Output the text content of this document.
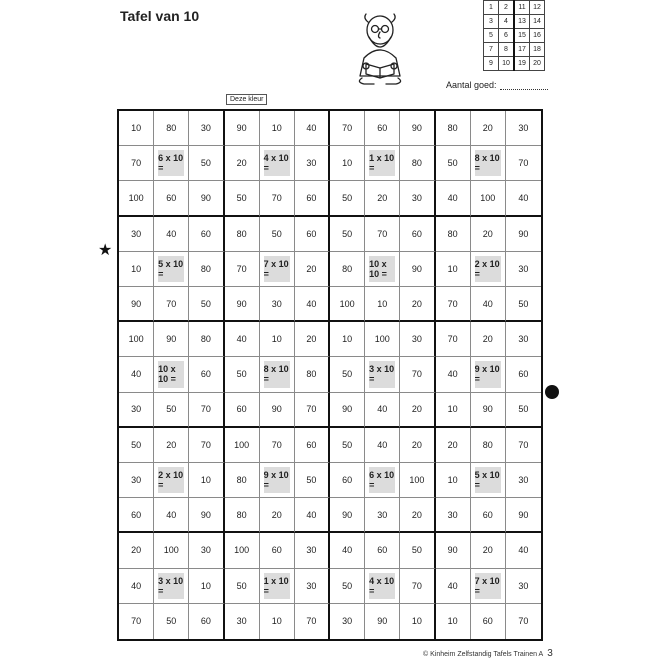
Tafel van 10
1	2	11	12
3	4	13	14
5	6	15	16
7	8	17	18
9	10	19	20
Aantal goed:
Deze kleur
10	80	30	90	10	40	70	60	90	80	20	30
70	6 x 10 =	50	20	4 x 10 =	30	10	1 x 10 =	80	50	8 x 10 =	70
100	60	90	50	70	60	50	20	30	40	100	40
30	40	60	80	50	60	50	70	60	80	20	90
10	5 x 10 =	80	70	7 x 10 =	20	80	10 x 10 =	90	10	2 x 10 =	30
90	70	50	90	30	40	100	10	20	70	40	50
100	90	80	40	10	20	10	100	30	70	20	30
40	10 x 10 =	60	50	8 x 10 =	80	50	3 x 10 =	70	40	9 x 10 =	60
30	50	70	60	90	70	90	40	20	10	90	50
50	20	70	100	70	60	50	40	20	20	80	70
30	2 x 10 =	10	80	9 x 10 =	50	60	6 x 10 =	100	10	5 x 10 =	30
60	40	90	80	20	40	90	30	20	30	60	90
20	100	30	100	60	30	40	60	50	90	20	40
40	3 x 10 =	10	50	1 x 10 =	30	50	4 x 10 =	70	40	7 x 10 =	30
70	50	60	30	10	70	30	90	10	10	60	70
★
© Kinheim Zelfstandig Tafels Trainen A 3
